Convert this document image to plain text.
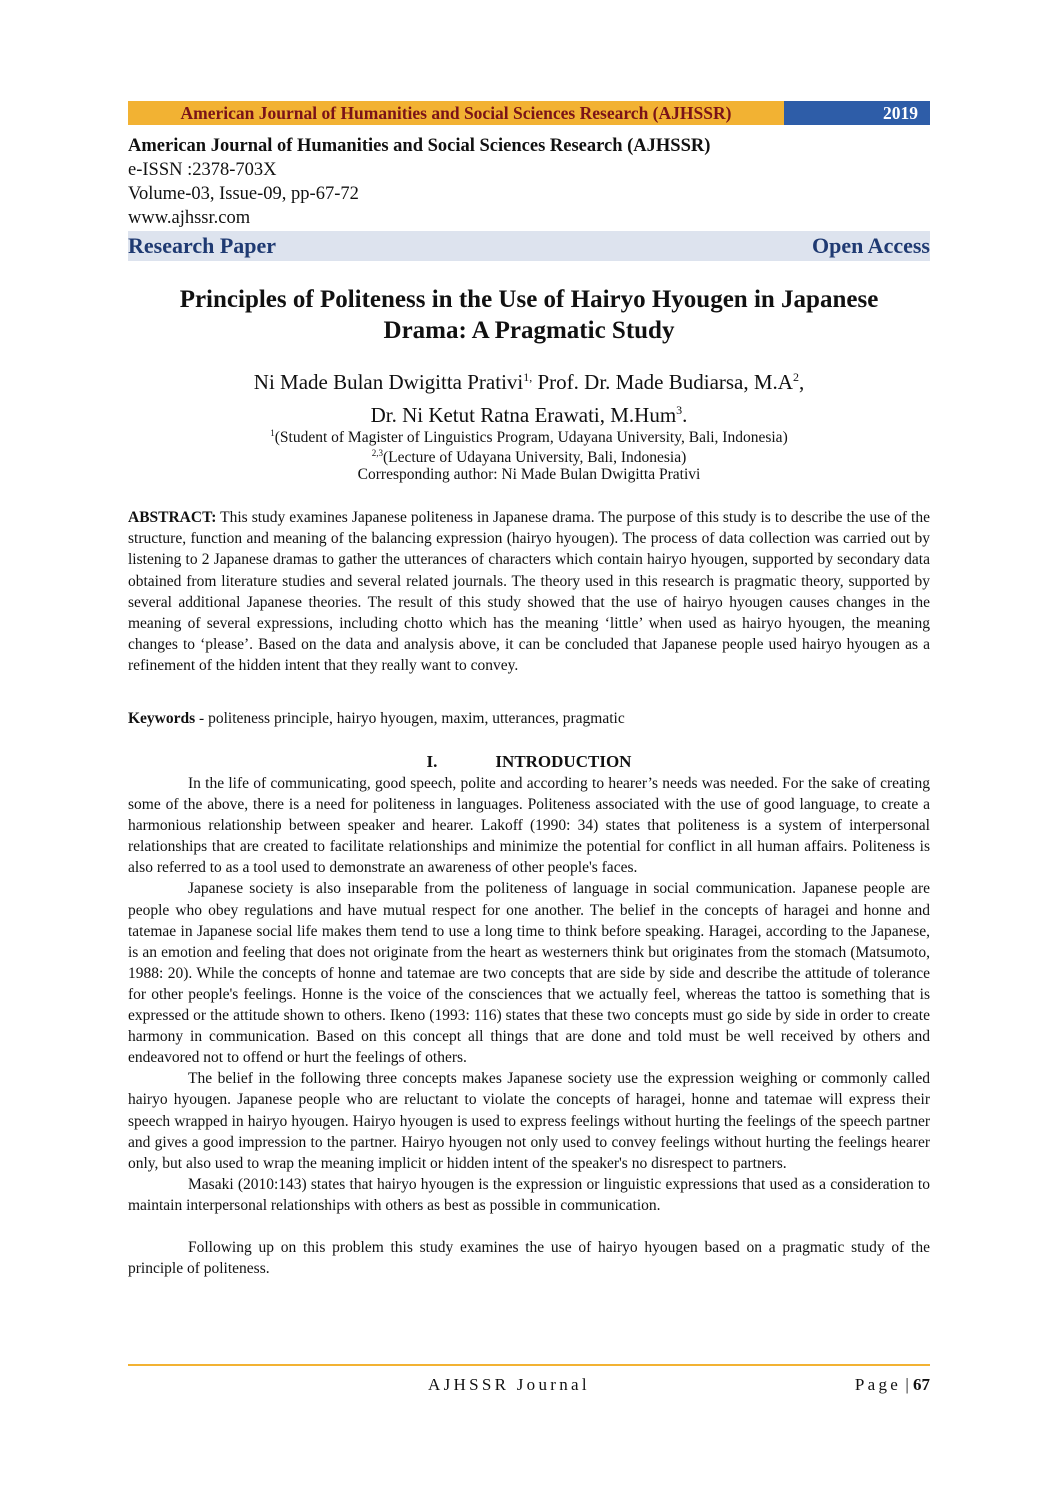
American Journal of Humanities and Social Sciences Research (AJHSSR)	2019
American Journal of Humanities and Social Sciences Research (AJHSSR)
e-ISSN :2378-703X
Volume-03, Issue-09, pp-67-72
www.ajhssr.com
Research Paper	Open Access
Principles of Politeness in the Use of Hairyo Hyougen in Japanese
Drama: A Pragmatic Study
Ni Made Bulan Dwigitta Prativi$^{1,}$ Prof. Dr. Made Budiarsa, $M.A^2$,
Dr. Ni Ketut Ratna Erawati, M.Hum$^3$.
$^1$(Student of Magister of Linguistics Program, Udayana University, Bali, Indonesia)
$^{2,3}$(Lecture of Udayana University, Bali, Indonesia)
Corresponding author: Ni Made Bulan Dwigitta Prativi

ABSTRACT: This study examines Japanese politeness in Japanese drama. The purpose of this study is to describe the use of the structure, function and meaning of the balancing expression (hairyo hyougen). The process of data collection was carried out by listening to 2 Japanese dramas to gather the utterances of characters which contain hairyo hyougen, supported by secondary data obtained from literature studies and several related journals. The theory used in this research is pragmatic theory, supported by several additional Japanese theories. The result of this study showed that the use of hairyo hyougen causes changes in the meaning of several expressions, including chotto which has the meaning ‘little’ when used as hairyo hyougen, the meaning changes to ‘please’. Based on the data and analysis above, it can be concluded that Japanese people used hairyo hyougen as a refinement of the hidden intent that they really want to convey.

Keywords - politeness principle, hairyo hyougen, maxim, utterances, pragmatic

I.	INTRODUCTION

In the life of communicating, good speech, polite and according to hearer’s needs was needed. For the sake of creating some of the above, there is a need for politeness in languages. Politeness associated with the use of good language, to create a harmonious relationship between speaker and hearer. Lakoff (1990: 34) states that politeness is a system of interpersonal relationships that are created to facilitate relationships and minimize the potential for conflict in all human affairs. Politeness is also referred to as a tool used to demonstrate an awareness of other people's faces.

Japanese society is also inseparable from the politeness of language in social communication. Japanese people are people who obey regulations and have mutual respect for one another. The belief in the concepts of haragei and honne and tatemae in Japanese social life makes them tend to use a long time to think before speaking. Haragei, according to the Japanese, is an emotion and feeling that does not originate from the heart as westerners think but originates from the stomach (Matsumoto, 1988: 20). While the concepts of honne and tatemae are two concepts that are side by side and describe the attitude of tolerance for other people's feelings. Honne is the voice of the consciences that we actually feel, whereas the tattoo is something that is expressed or the attitude shown to others. Ikeno (1993: 116) states that these two concepts must go side by side in order to create harmony in communication. Based on this concept all things that are done and told must be well received by others and endeavored not to offend or hurt the feelings of others.

The belief in the following three concepts makes Japanese society use the expression weighing or commonly called hairyo hyougen. Japanese people who are reluctant to violate the concepts of haragei, honne and tatemae will express their speech wrapped in hairyo hyougen. Hairyo hyougen is used to express feelings without hurting the feelings of the speech partner and gives a good impression to the partner. Hairyo hyougen not only used to convey feelings without hurting the feelings hearer only, but also used to wrap the meaning implicit or hidden intent of the speaker's no disrespect to partners.

Masaki (2010:143) states that hairyo hyougen is the expression or linguistic expressions that used as a consideration to maintain interpersonal relationships with others as best as possible in communication.

Following up on this problem this study examines the use of hairyo hyougen based on a pragmatic study of the principle of politeness.

AJHSSR Journal	Page | 67
